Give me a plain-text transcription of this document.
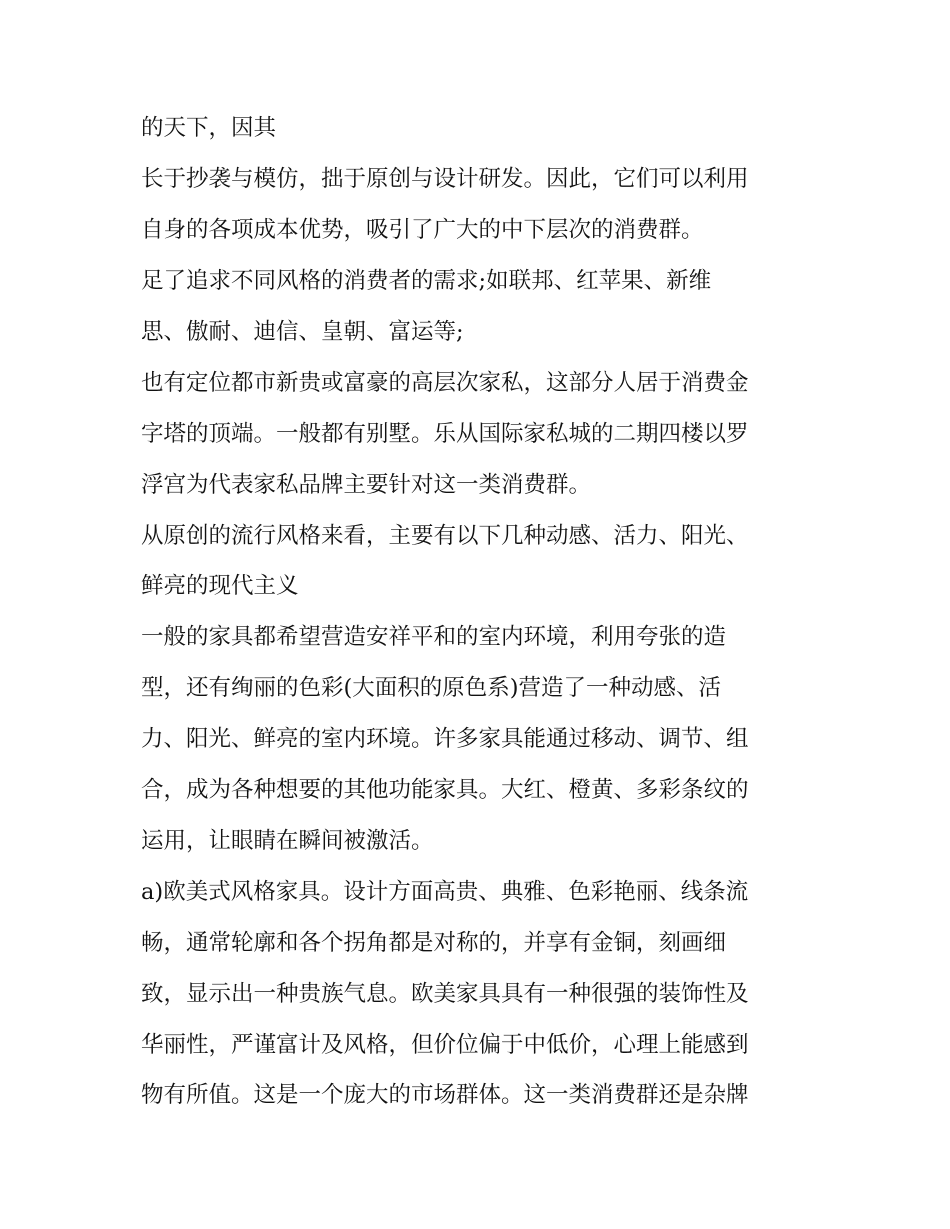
的天下，因其
长于抄袭与模仿，拙于原创与设计研发。因此，它们可以利用
自身的各项成本优势，吸引了广大的中下层次的消费群。
足了追求不同风格的消费者的需求;如联邦、红苹果、新维
思、傲耐、迪信、皇朝、富运等;
也有定位都市新贵或富豪的高层次家私，这部分人居于消费金
字塔的顶端。一般都有别墅。乐从国际家私城的二期四楼以罗
浮宫为代表家私品牌主要针对这一类消费群。
从原创的流行风格来看，主要有以下几种动感、活力、阳光、
鲜亮的现代主义
一般的家具都希望营造安祥平和的室内环境，利用夸张的造
型，还有绚丽的色彩(大面积的原色系)营造了一种动感、活
力、阳光、鲜亮的室内环境。许多家具能通过移动、调节、组
合，成为各种想要的其他功能家具。大红、橙黄、多彩条纹的
运用，让眼睛在瞬间被激活。
a)欧美式风格家具。设计方面高贵、典雅、色彩艳丽、线条流
畅，通常轮廓和各个拐角都是对称的，并享有金铜，刻画细
致，显示出一种贵族气息。欧美家具具有一种很强的装饰性及
华丽性，严谨富计及风格，但价位偏于中低价，心理上能感到
物有所值。这是一个庞大的市场群体。这一类消费群还是杂牌
